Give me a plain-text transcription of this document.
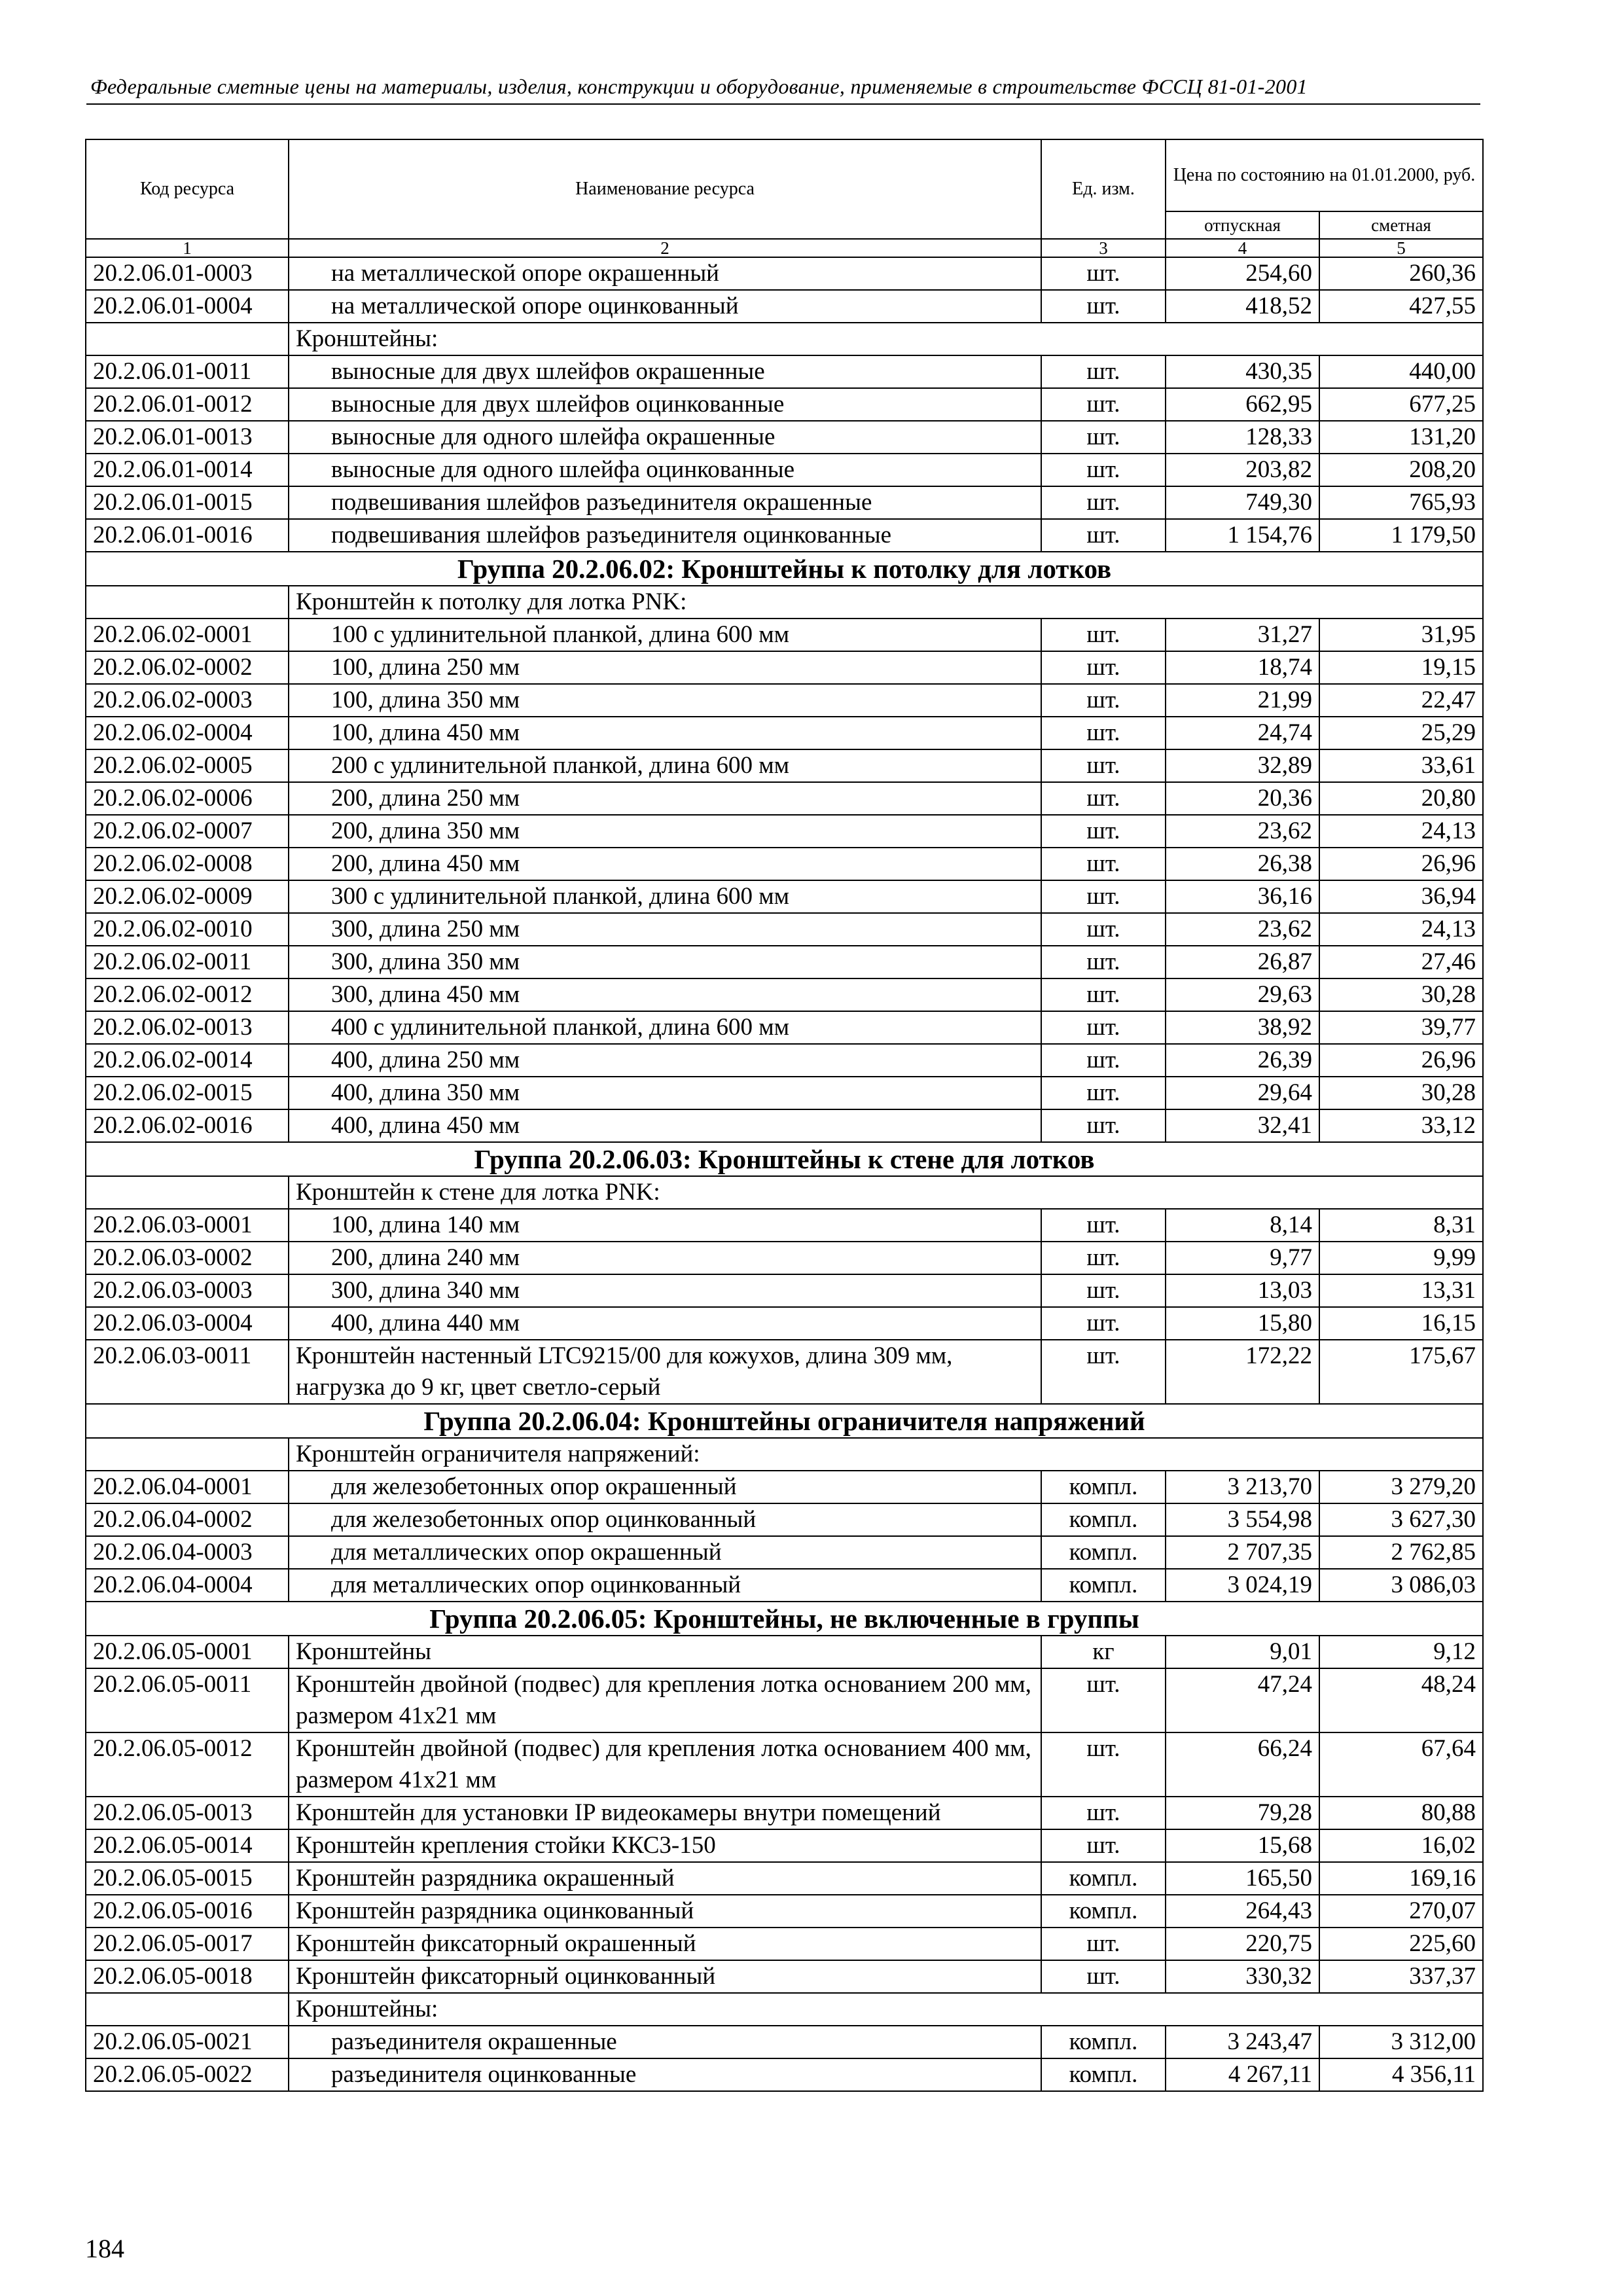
Федеральные сметные цены на материалы, изделия, конструкции и оборудование, применяемые в строительстве ФССЦ 81-01-2001
Код ресурса	Наименование ресурса	Ед. изм.	Цена по состоянию на 01.01.2000, руб.	
			отпускная	сметная
1	2	3	4	5
20.2.06.01-0003	на металлической опоре окрашенный	шт.	254,60	260,36
20.2.06.01-0004	на металлической опоре оцинкованный	шт.	418,52	427,55
	Кронштейны:			
20.2.06.01-0011	выносные для двух шлейфов окрашенные	шт.	430,35	440,00
20.2.06.01-0012	выносные для двух шлейфов оцинкованные	шт.	662,95	677,25
20.2.06.01-0013	выносные для одного шлейфа окрашенные	шт.	128,33	131,20
20.2.06.01-0014	выносные для одного шлейфа оцинкованные	шт.	203,82	208,20
20.2.06.01-0015	подвешивания шлейфов разъединителя окрашенные	шт.	749,30	765,93
20.2.06.01-0016	подвешивания шлейфов разъединителя оцинкованные	шт.	1 154,76	1 179,50
Группа 20.2.06.02: Кронштейны к потолку для лотков				
	Кронштейн к потолку для лотка PNK:			
20.2.06.02-0001	100 с удлинительной планкой, длина 600 мм	шт.	31,27	31,95
20.2.06.02-0002	100, длина 250 мм	шт.	18,74	19,15
20.2.06.02-0003	100, длина 350 мм	шт.	21,99	22,47
20.2.06.02-0004	100, длина 450 мм	шт.	24,74	25,29
20.2.06.02-0005	200 с удлинительной планкой, длина 600 мм	шт.	32,89	33,61
20.2.06.02-0006	200, длина 250 мм	шт.	20,36	20,80
20.2.06.02-0007	200, длина 350 мм	шт.	23,62	24,13
20.2.06.02-0008	200, длина 450 мм	шт.	26,38	26,96
20.2.06.02-0009	300 с удлинительной планкой, длина 600 мм	шт.	36,16	36,94
20.2.06.02-0010	300, длина 250 мм	шт.	23,62	24,13
20.2.06.02-0011	300, длина 350 мм	шт.	26,87	27,46
20.2.06.02-0012	300, длина 450 мм	шт.	29,63	30,28
20.2.06.02-0013	400 с удлинительной планкой, длина 600 мм	шт.	38,92	39,77
20.2.06.02-0014	400, длина 250 мм	шт.	26,39	26,96
20.2.06.02-0015	400, длина 350 мм	шт.	29,64	30,28
20.2.06.02-0016	400, длина 450 мм	шт.	32,41	33,12
Группа 20.2.06.03: Кронштейны к стене для лотков				
	Кронштейн к стене для лотка PNK:			
20.2.06.03-0001	100, длина 140 мм	шт.	8,14	8,31
20.2.06.03-0002	200, длина 240 мм	шт.	9,77	9,99
20.2.06.03-0003	300, длина 340 мм	шт.	13,03	13,31
20.2.06.03-0004	400, длина 440 мм	шт.	15,80	16,15
20.2.06.03-0011	Кронштейн настенный LTC9215/00 для кожухов, длина 309 мм, нагрузка до 9 кг, цвет светло-серый	шт.	172,22	175,67
Группа 20.2.06.04: Кронштейны ограничителя напряжений				
	Кронштейн ограничителя напряжений:			
20.2.06.04-0001	для железобетонных опор окрашенный	компл.	3 213,70	3 279,20
20.2.06.04-0002	для железобетонных опор оцинкованный	компл.	3 554,98	3 627,30
20.2.06.04-0003	для металлических опор окрашенный	компл.	2 707,35	2 762,85
20.2.06.04-0004	для металлических опор оцинкованный	компл.	3 024,19	3 086,03
Группа 20.2.06.05: Кронштейны, не включенные в группы				
20.2.06.05-0001	Кронштейны	кг	9,01	9,12
20.2.06.05-0011	Кронштейн двойной (подвес) для крепления лотка основанием 200 мм, размером 41х21 мм	шт.	47,24	48,24
20.2.06.05-0012	Кронштейн двойной (подвес) для крепления лотка основанием 400 мм, размером 41х21 мм	шт.	66,24	67,64
20.2.06.05-0013	Кронштейн для установки IP видеокамеры внутри помещений	шт.	79,28	80,88
20.2.06.05-0014	Кронштейн крепления стойки ККС3-150	шт.	15,68	16,02
20.2.06.05-0015	Кронштейн разрядника окрашенный	компл.	165,50	169,16
20.2.06.05-0016	Кронштейн разрядника оцинкованный	компл.	264,43	270,07
20.2.06.05-0017	Кронштейн фиксаторный окрашенный	шт.	220,75	225,60
20.2.06.05-0018	Кронштейн фиксаторный оцинкованный	шт.	330,32	337,37
	Кронштейны:			
20.2.06.05-0021	разъединителя окрашенные	компл.	3 243,47	3 312,00
20.2.06.05-0022	разъединителя оцинкованные	компл.	4 267,11	4 356,11
184
